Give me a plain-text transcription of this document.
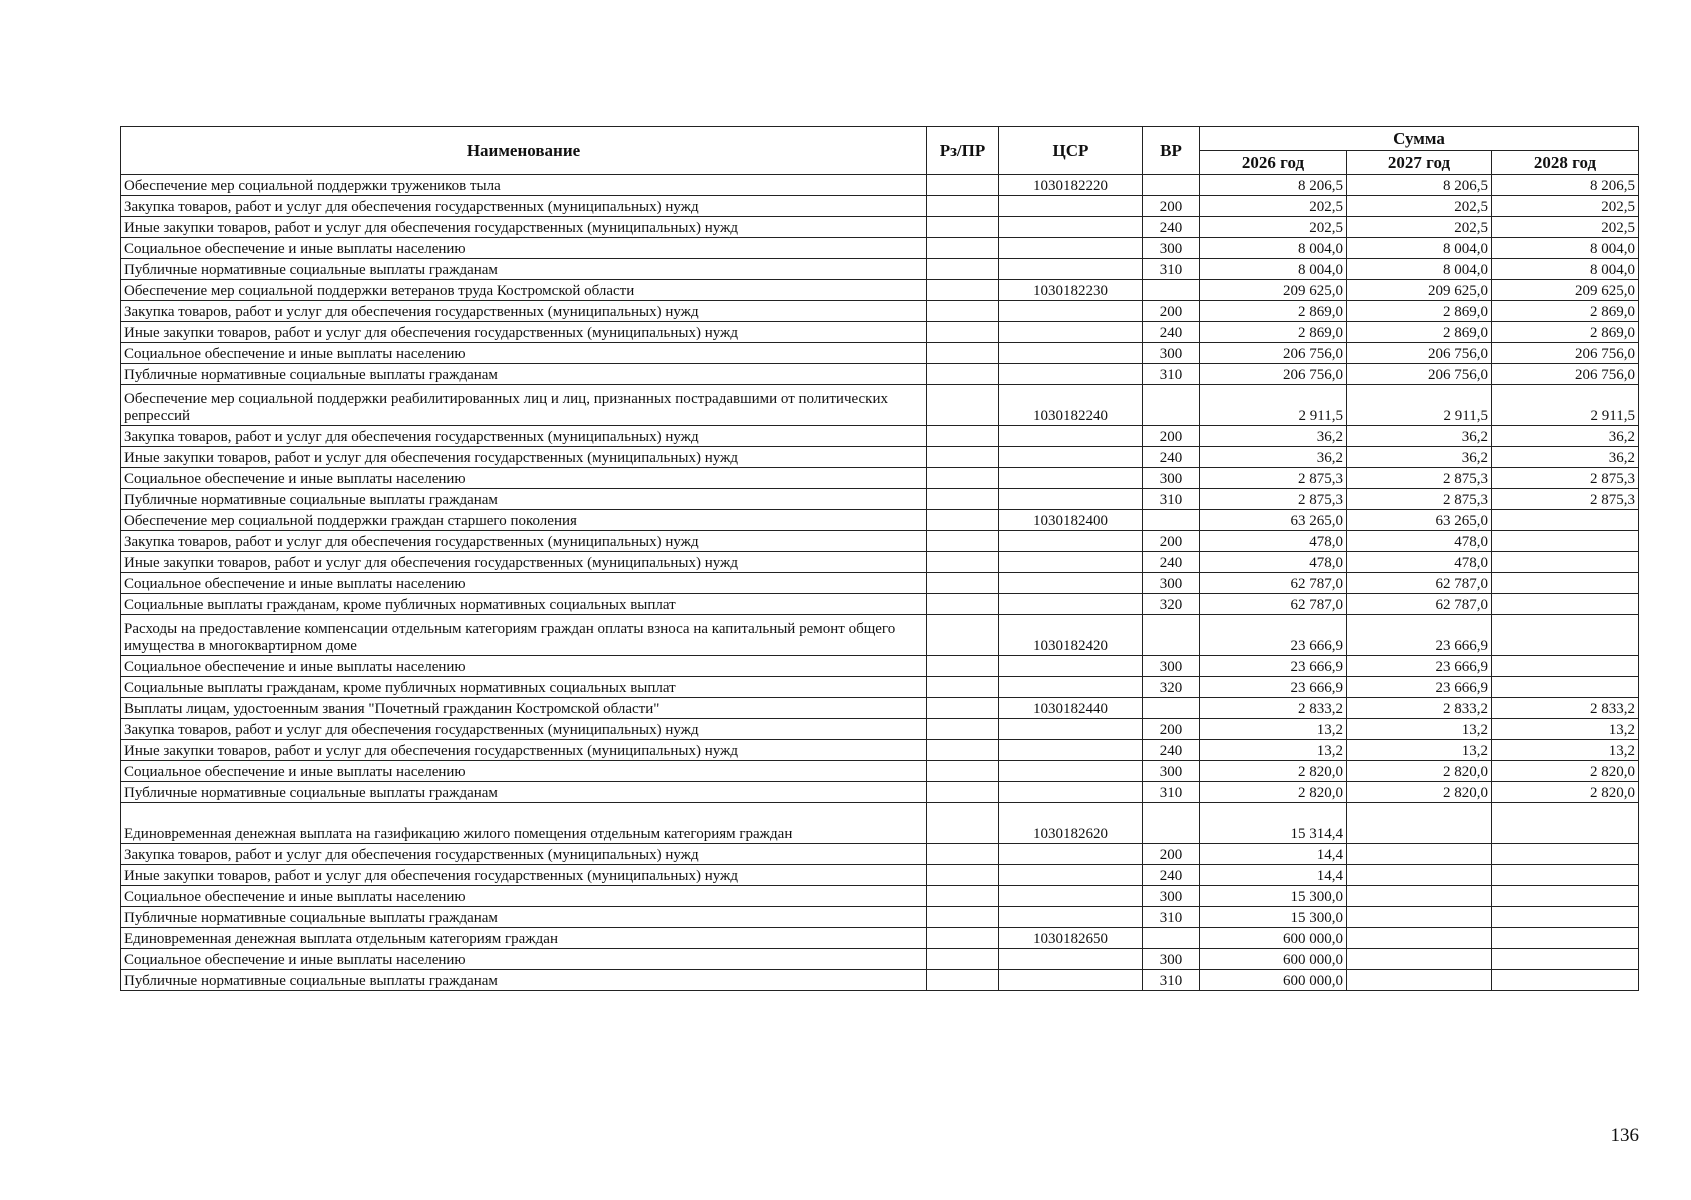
Наименование	Рз/ПР	ЦСР	ВР	Сумма		
				2026 год	2027 год	2028 год
Обеспечение мер социальной поддержки тружеников тыла		1030182220		8 206,5	8 206,5	8 206,5
Закупка товаров, работ и услуг для обеспечения государственных (муниципальных) нужд			200	202,5	202,5	202,5
Иные закупки товаров, работ и услуг для обеспечения государственных (муниципальных) нужд			240	202,5	202,5	202,5
Социальное обеспечение и иные выплаты населению			300	8 004,0	8 004,0	8 004,0
Публичные нормативные социальные выплаты гражданам			310	8 004,0	8 004,0	8 004,0
Обеспечение мер социальной поддержки ветеранов труда Костромской области		1030182230		209 625,0	209 625,0	209 625,0
Закупка товаров, работ и услуг для обеспечения государственных (муниципальных) нужд			200	2 869,0	2 869,0	2 869,0
Иные закупки товаров, работ и услуг для обеспечения государственных (муниципальных) нужд			240	2 869,0	2 869,0	2 869,0
Социальное обеспечение и иные выплаты населению			300	206 756,0	206 756,0	206 756,0
Публичные нормативные социальные выплаты гражданам			310	206 756,0	206 756,0	206 756,0
Обеспечение мер социальной поддержки реабилитированных лиц и лиц, признанных пострадавшими от политических репрессий		1030182240		2 911,5	2 911,5	2 911,5
Закупка товаров, работ и услуг для обеспечения государственных (муниципальных) нужд			200	36,2	36,2	36,2
Иные закупки товаров, работ и услуг для обеспечения государственных (муниципальных) нужд			240	36,2	36,2	36,2
Социальное обеспечение и иные выплаты населению			300	2 875,3	2 875,3	2 875,3
Публичные нормативные социальные выплаты гражданам			310	2 875,3	2 875,3	2 875,3
Обеспечение мер социальной поддержки граждан старшего поколения		1030182400		63 265,0	63 265,0	
Закупка товаров, работ и услуг для обеспечения государственных (муниципальных) нужд			200	478,0	478,0	
Иные закупки товаров, работ и услуг для обеспечения государственных (муниципальных) нужд			240	478,0	478,0	
Социальное обеспечение и иные выплаты населению			300	62 787,0	62 787,0	
Социальные выплаты гражданам, кроме публичных нормативных социальных выплат			320	62 787,0	62 787,0	
Расходы на предоставление компенсации отдельным категориям граждан оплаты взноса на капитальный ремонт общего имущества в многоквартирном доме		1030182420		23 666,9	23 666,9	
Социальное обеспечение и иные выплаты населению			300	23 666,9	23 666,9	
Социальные выплаты гражданам, кроме публичных нормативных социальных выплат			320	23 666,9	23 666,9	
Выплаты лицам, удостоенным звания "Почетный гражданин Костромской области"		1030182440		2 833,2	2 833,2	2 833,2
Закупка товаров, работ и услуг для обеспечения государственных (муниципальных) нужд			200	13,2	13,2	13,2
Иные закупки товаров, работ и услуг для обеспечения государственных (муниципальных) нужд			240	13,2	13,2	13,2
Социальное обеспечение и иные выплаты населению			300	2 820,0	2 820,0	2 820,0
Публичные нормативные социальные выплаты гражданам			310	2 820,0	2 820,0	2 820,0
Единовременная денежная выплата на газификацию жилого помещения отдельным категориям граждан		1030182620		15 314,4		
Закупка товаров, работ и услуг для обеспечения государственных (муниципальных) нужд			200	14,4		
Иные закупки товаров, работ и услуг для обеспечения государственных (муниципальных) нужд			240	14,4		
Социальное обеспечение и иные выплаты населению			300	15 300,0		
Публичные нормативные социальные выплаты гражданам			310	15 300,0		
Единовременная денежная выплата отдельным категориям граждан		1030182650		600 000,0		
Социальное обеспечение и иные выплаты населению			300	600 000,0		
Публичные нормативные социальные выплаты гражданам			310	600 000,0		
136
